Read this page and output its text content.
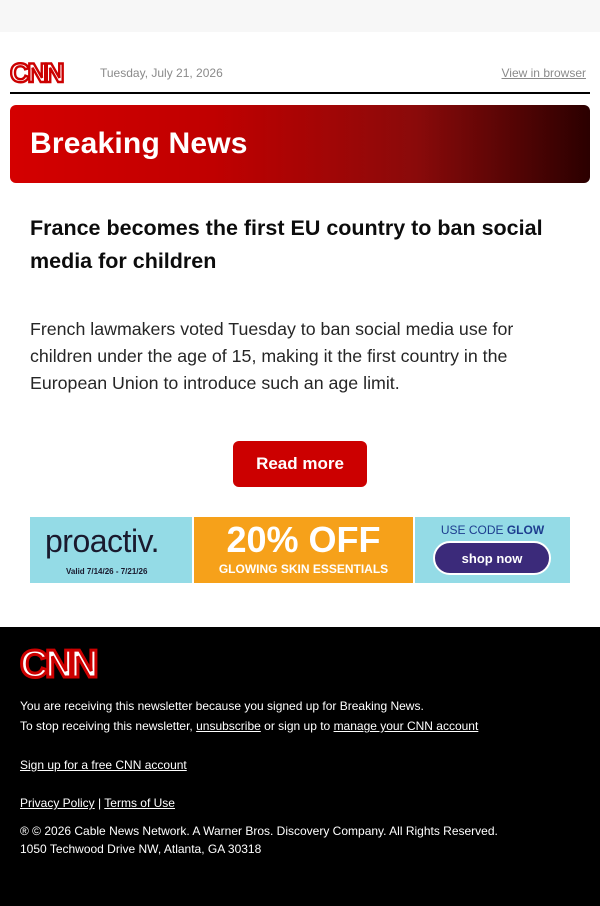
CNN	Tuesday, July 21, 2026	View in browser
Breaking News
France becomes the first EU country to ban social media for children
French lawmakers voted Tuesday to ban social media use for children under the age of 15, making it the first country in the European Union to introduce such an age limit.
Read more
proactiv.
Valid 7/14/26 - 7/21/26
20% OFF
GLOWING SKIN ESSENTIALS
USE CODE GLOW
shop now
CNN
You are receiving this newsletter because you signed up for Breaking News.
To stop receiving this newsletter, unsubscribe or sign up to manage your CNN account
Sign up for a free CNN account
Privacy Policy | Terms of Use
® © 2026 Cable News Network. A Warner Bros. Discovery Company. All Rights Reserved.
1050 Techwood Drive NW, Atlanta, GA 30318
